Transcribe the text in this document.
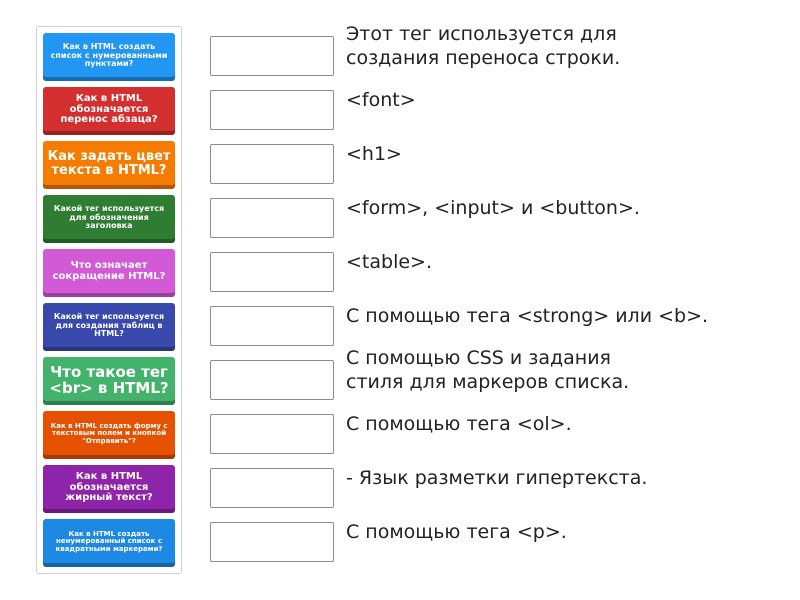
Как в HTML создать список с нумерованными пунктами?
Как в HTML обозначается перенос абзаца?
Как задать цвет текста в HTML?
Какой тег используется для обозначения заголовка
Что означает сокращение HTML?
Какой тег используется для создания таблиц в HTML?
Что такое тег <br> в HTML?
Как в HTML создать форму с текстовым полем и кнопкой "Отправить"?
Как в HTML обозначается жирный текст?
Как в HTML создать ненумерованный список с квадратными маркерами?
Этот тег используется для
создания переноса строки.
<font>
<h1>
<form>, <input> и <button>.
<table>.
С помощью тега <strong> или <b>.
С помощью CSS и задания
стиля для маркеров списка.
С помощью тега <ol>.
- Язык разметки гипертекста.
С помощью тега <p>.
